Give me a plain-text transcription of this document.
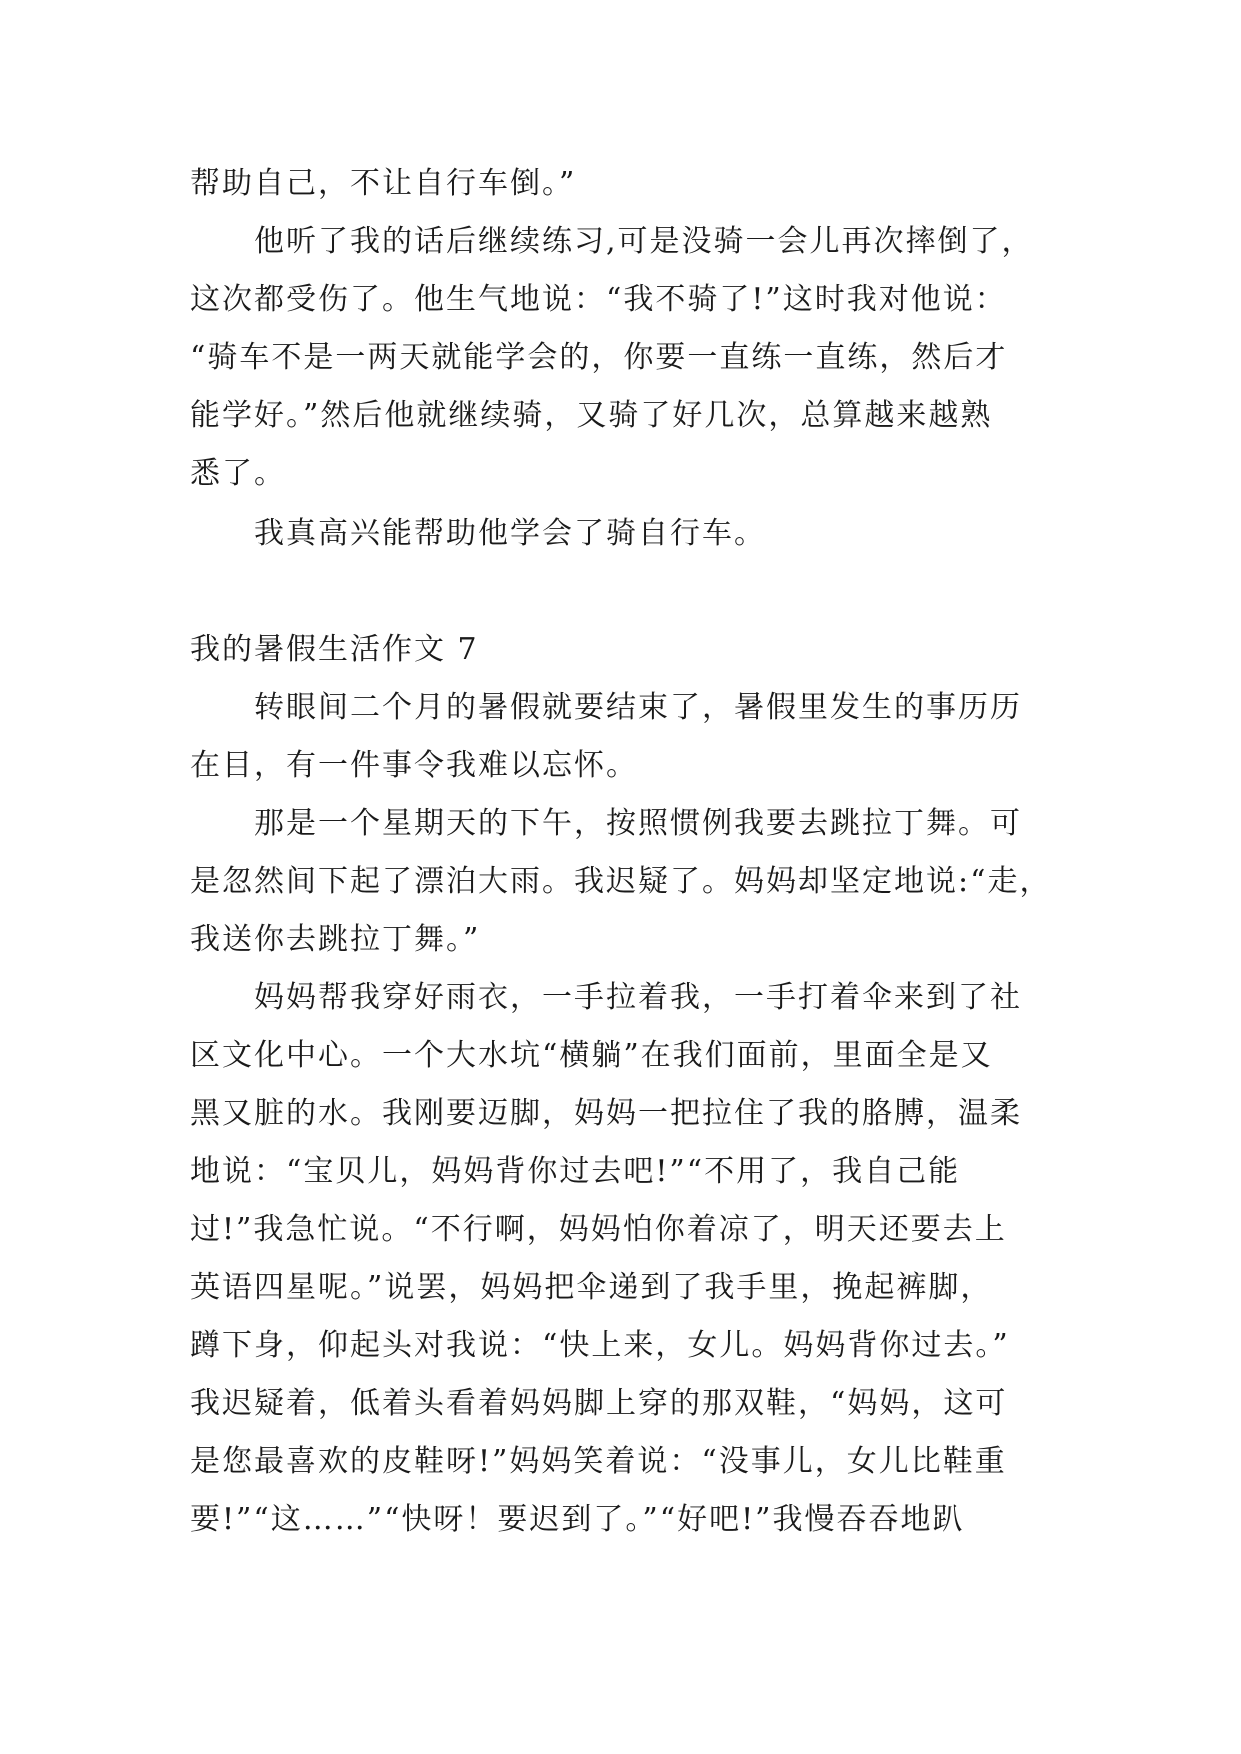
帮助自己，不让自行车倒。”
他听了我的话后继续练习,可是没骑一会儿再次摔倒了，
这次都受伤了。他生气地说：“我不骑了!”这时我对他说：
“骑车不是一两天就能学会的，你要一直练一直练，然后才
能学好。”然后他就继续骑，又骑了好几次，总算越来越熟
悉了。
我真高兴能帮助他学会了骑自行车。
我的暑假生活作文 7
转眼间二个月的暑假就要结束了，暑假里发生的事历历
在目，有一件事令我难以忘怀。
那是一个星期天的下午，按照惯例我要去跳拉丁舞。可
是忽然间下起了漂泊大雨。我迟疑了。妈妈却坚定地说:“走，
我送你去跳拉丁舞。”
妈妈帮我穿好雨衣，一手拉着我，一手打着伞来到了社
区文化中心。一个大水坑“横躺”在我们面前，里面全是又
黑又脏的水。我刚要迈脚，妈妈一把拉住了我的胳膊，温柔
地说：“宝贝儿，妈妈背你过去吧!”“不用了，我自己能
过!”我急忙说。“不行啊，妈妈怕你着凉了，明天还要去上
英语四星呢。”说罢，妈妈把伞递到了我手里，挽起裤脚，
蹲下身，仰起头对我说：“快上来，女儿。妈妈背你过去。”
我迟疑着，低着头看着妈妈脚上穿的那双鞋，“妈妈，这可
是您最喜欢的皮鞋呀!”妈妈笑着说：“没事儿，女儿比鞋重
要!”“这……”“快呀！要迟到了。”“好吧!”我慢吞吞地趴
